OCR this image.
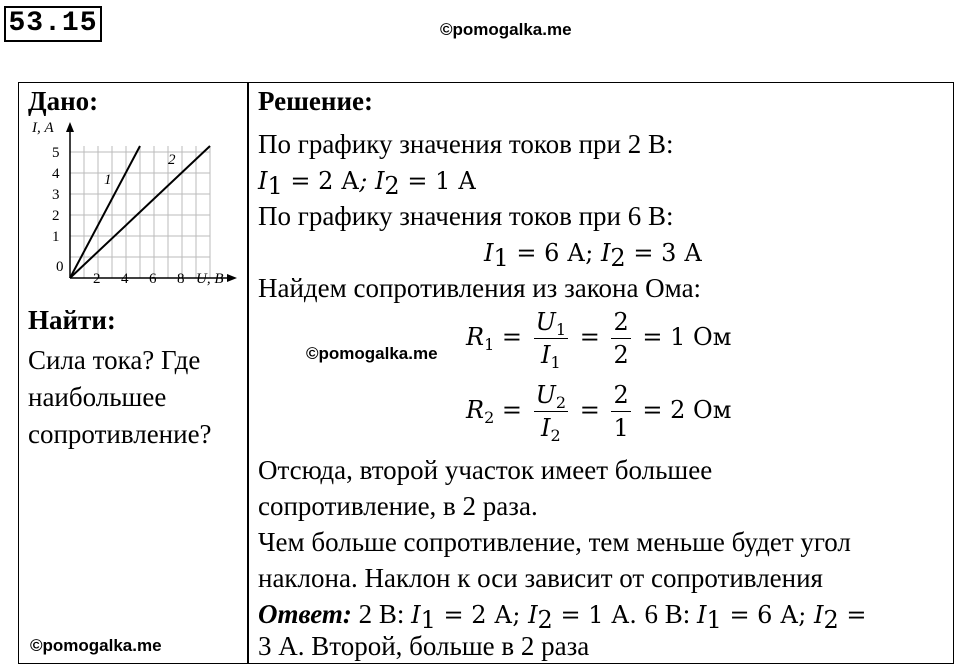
53.15	©pomogalka.me
Дано:
I, А
5
4
3
2
1
0
2 4 6 8 U, В
1
2
Найти:
Сила тока? Где наибольшее сопротивление?
©pomogalka.me
Решение:
По графику значения токов при 2 В:
$I_1 = 2$ А; $I_2 = 1$ А
По графику значения токов при 6 В:
$I_1 = 6$ А; $I_2 = 3$ А
Найдем сопротивления из закона Ома:
©pomogalka.me
$R_1 = \frac{U_1}{I_1} = \frac{2}{2} = 1$ Ом
$R_2 = \frac{U_2}{I_2} = \frac{2}{1} = 2$ Ом
Отсюда, второй участок имеет большее
сопротивление, в 2 раза.
Чем больше сопротивление, тем меньше будет угол
наклона. Наклон к оси зависит от сопротивления
Ответ: 2 В: $I_1 = 2$ А; $I_2 = 1$ А. 6 В: $I_1 = 6$ А; $I_2$ =
3 А. Второй, больше в 2 раза
